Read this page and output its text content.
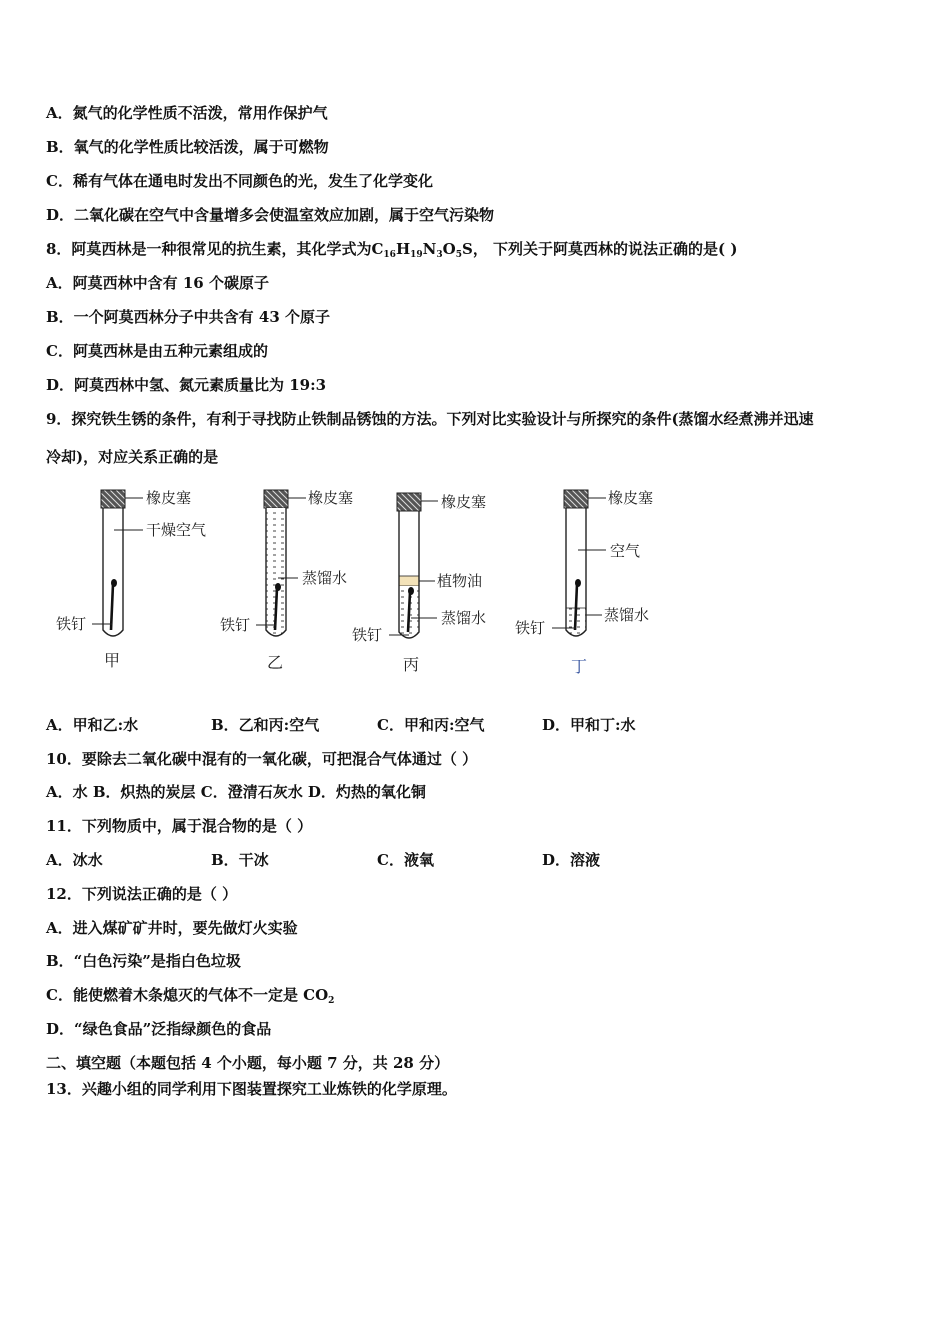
A．氮气的化学性质不活泼，常用作保护气
B．氧气的化学性质比较活泼，属于可燃物
C．稀有气体在通电时发出不同颜色的光，发生了化学变化
D．二氧化碳在空气中含量增多会使温室效应加剧，属于空气污染物
8．阿莫西林是一种很常见的抗生素，其化学式为$C_{16}H_{19}N_3O_5S$， 下列关于阿莫西林的说法正确的是( )
A．阿莫西林中含有 16 个碳原子
B．一个阿莫西林分子中共含有 43 个原子
C．阿莫西林是由五种元素组成的
D．阿莫西林中氢、氮元素质量比为 19:3
9．探究铁生锈的条件，有利于寻找防止铁制品锈蚀的方法。下列对比实验设计与所探究的条件(蒸馏水经煮沸并迅速
冷却)，对应关系正确的是
橡皮塞
干燥空气
铁钉
甲
橡皮塞
蒸馏水
铁钉
乙
橡皮塞
植物油
蒸馏水
铁钉
丙
橡皮塞
空气
蒸馏水
铁钉
丁
A．甲和乙:水	B．乙和丙:空气	C．甲和丙:空气	D．甲和丁:水
10．要除去二氧化碳中混有的一氧化碳，可把混合气体通过（ ）
A．水 B．炽热的炭层 C．澄清石灰水 D．灼热的氧化铜
11．下列物质中，属于混合物的是（ ）
A．冰水	B．干冰	C．液氧	D．溶液
12．下列说法正确的是（ ）
A．进入煤矿矿井时，要先做灯火实验
B．“白色污染”是指白色垃圾
C．能使燃着木条熄灭的气体不一定是 $CO_2$
D．“绿色食品”泛指绿颜色的食品
二、填空题（本题包括 4 个小题，每小题 7 分，共 28 分）
13．兴趣小组的同学利用下图装置探究工业炼铁的化学原理。
